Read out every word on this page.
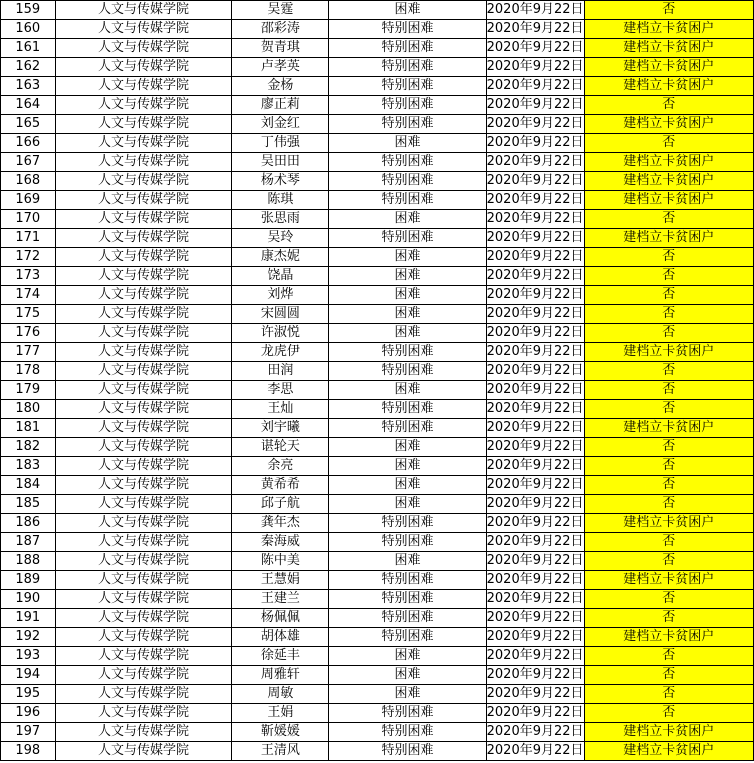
159	人文与传媒学院	吴霆	困难	2020年9月22日	否
160	人文与传媒学院	邵彩涛	特别困难	2020年9月22日	建档立卡贫困户
161	人文与传媒学院	贺青琪	特别困难	2020年9月22日	建档立卡贫困户
162	人文与传媒学院	卢孝英	特别困难	2020年9月22日	建档立卡贫困户
163	人文与传媒学院	金杨	特别困难	2020年9月22日	建档立卡贫困户
164	人文与传媒学院	廖正莉	特别困难	2020年9月22日	否
165	人文与传媒学院	刘金红	特别困难	2020年9月22日	建档立卡贫困户
166	人文与传媒学院	丁伟强	困难	2020年9月22日	否
167	人文与传媒学院	吴田田	特别困难	2020年9月22日	建档立卡贫困户
168	人文与传媒学院	杨术琴	特别困难	2020年9月22日	建档立卡贫困户
169	人文与传媒学院	陈琪	特别困难	2020年9月22日	建档立卡贫困户
170	人文与传媒学院	张思雨	困难	2020年9月22日	否
171	人文与传媒学院	吴玲	特别困难	2020年9月22日	建档立卡贫困户
172	人文与传媒学院	康杰妮	困难	2020年9月22日	否
173	人文与传媒学院	饶晶	困难	2020年9月22日	否
174	人文与传媒学院	刘烨	困难	2020年9月22日	否
175	人文与传媒学院	宋圆圆	困难	2020年9月22日	否
176	人文与传媒学院	许淑悦	困难	2020年9月22日	否
177	人文与传媒学院	龙虎伊	特别困难	2020年9月22日	建档立卡贫困户
178	人文与传媒学院	田润	特别困难	2020年9月22日	否
179	人文与传媒学院	李思	困难	2020年9月22日	否
180	人文与传媒学院	王灿	特别困难	2020年9月22日	否
181	人文与传媒学院	刘宇曦	特别困难	2020年9月22日	建档立卡贫困户
182	人文与传媒学院	谌轮天	困难	2020年9月22日	否
183	人文与传媒学院	余亮	困难	2020年9月22日	否
184	人文与传媒学院	黄希希	困难	2020年9月22日	否
185	人文与传媒学院	邱子航	困难	2020年9月22日	否
186	人文与传媒学院	龚年杰	特别困难	2020年9月22日	建档立卡贫困户
187	人文与传媒学院	秦海威	特别困难	2020年9月22日	否
188	人文与传媒学院	陈中美	困难	2020年9月22日	否
189	人文与传媒学院	王慧娟	特别困难	2020年9月22日	建档立卡贫困户
190	人文与传媒学院	王建兰	特别困难	2020年9月22日	否
191	人文与传媒学院	杨佩佩	特别困难	2020年9月22日	否
192	人文与传媒学院	胡体雄	特别困难	2020年9月22日	建档立卡贫困户
193	人文与传媒学院	徐延丰	困难	2020年9月22日	否
194	人文与传媒学院	周雅轩	困难	2020年9月22日	否
195	人文与传媒学院	周敏	困难	2020年9月22日	否
196	人文与传媒学院	王娟	特别困难	2020年9月22日	否
197	人文与传媒学院	靳媛媛	特别困难	2020年9月22日	建档立卡贫困户
198	人文与传媒学院	王清风	特别困难	2020年9月22日	建档立卡贫困户
